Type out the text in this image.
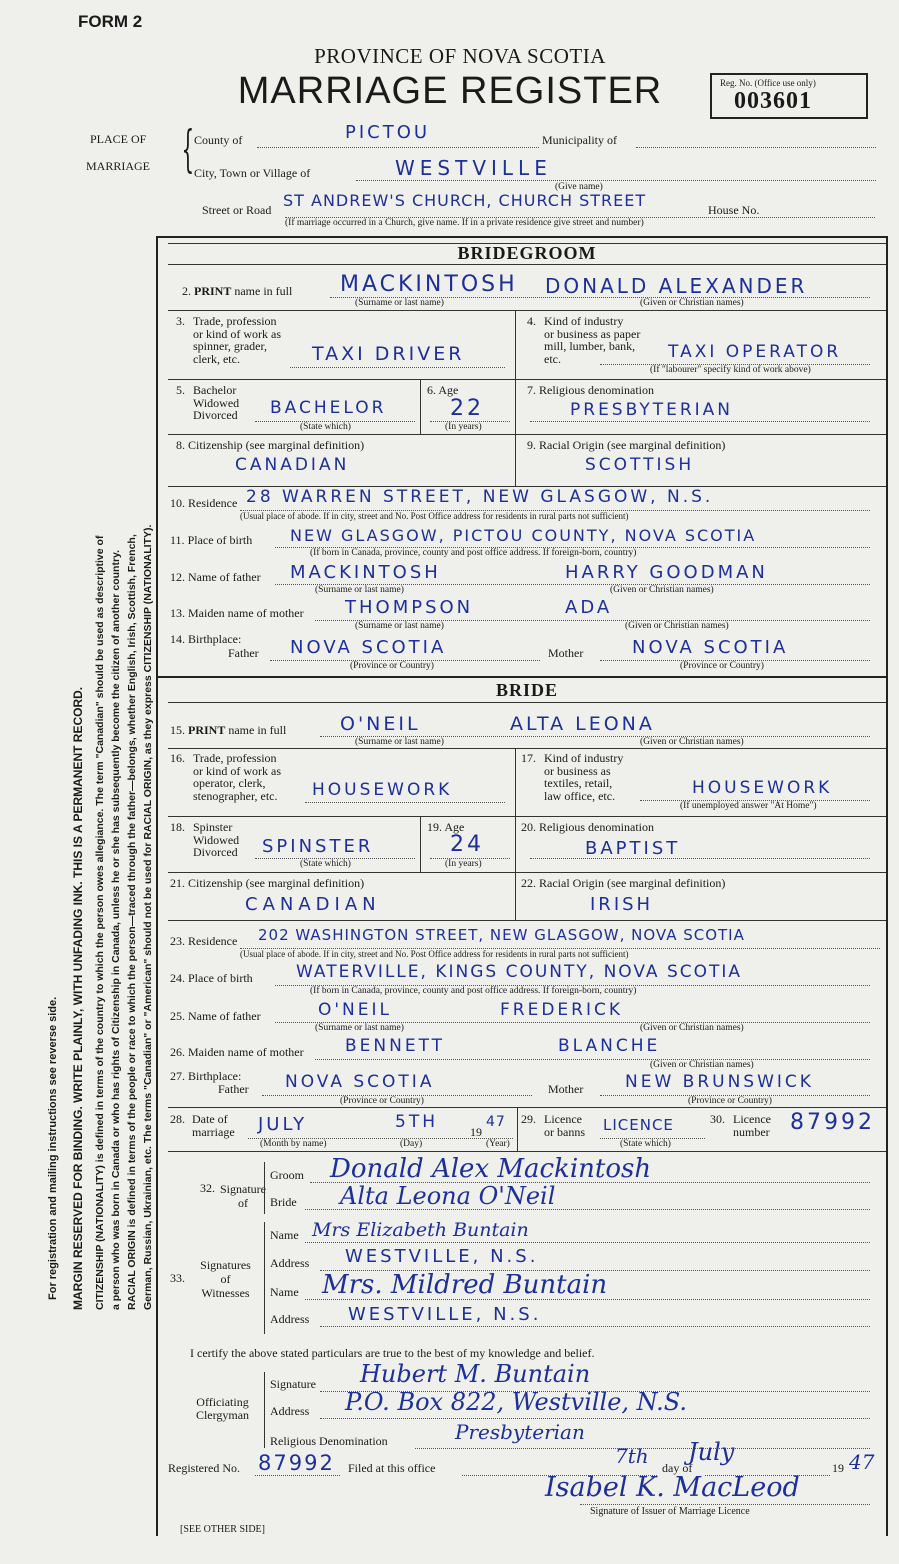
FORM 2
PROVINCE OF NOVA SCOTIA
MARRIAGE REGISTER	Reg. No. (Office use only)
003601
PLACE OF
MARRIAGE { County of	PICTOU	Municipality of
City, Town or Village of	WESTVILLE
(Give name)
Street or Road ST ANDREW'S CHURCH, CHURCH STREET	House No.
(If marriage occurred in a Church, give name. If in a private residence give street and number)
For registration and mailing instructions see reverse side.	MARGIN RESERVED FOR BINDING. WRITE PLAINLY, WITH UNFADING INK. THIS IS A PERMANENT RECORD. CITIZENSHIP (NATIONALITY) is defined in terms of the country to which the person owes allegiance. The term "Canadian" should be used as descriptive of a person who was born in Canada or who has rights of Citizenship in Canada, unless he or she has subsequently become the citizen of another country. RACIAL ORIGIN is defined in terms of the people or race to which the person—traced through the father—belongs, whether English, Irish, Scottish, French, German, Russian, Ukrainian, etc. The terms "Canadian" or "American" should not be used for RACIAL ORIGIN, as they express CITIZENSHIP (NATIONALITY).
BRIDEGROOM
2. PRINT name in full MACKINTOSH DONALD ALEXANDER
(Surname or last name)	(Given or Christian names)
3. Trade, profession
or kind of work as
spinner, grader,
clerk, etc.	TAXI DRIVER
4. Kind of industry
or business as paper
mill, lumber, bank,
etc.	TAXI OPERATOR
(If "labourer" specify kind of work above)
5. Bachelor
Widowed
Divorced BACHELOR
(State which)
6. Age
22
(In years)
7. Religious denomination
PRESBYTERIAN
8. Citizenship (see marginal definition)
CANADIAN
9. Racial Origin (see marginal definition)
SCOTTISH
10. Residence 28 WARREN STREET, NEW GLASGOW, N.S.
(Usual place of abode. If in city, street and No. Post Office address for residents in rural parts not sufficient)
11. Place of birth NEW GLASGOW, PICTOU COUNTY, NOVA SCOTIA
(If born in Canada, province, county and post office address. If foreign-born, country)
12. Name of father MACKINTOSH	HARRY GOODMAN
(Surname or last name)	(Given or Christian names)
13. Maiden name of mother THOMPSON	ADA
(Surname or last name)	(Given or Christian names)
14. Birthplace:
Father NOVA SCOTIA
(Province or Country)
Mother	NOVA SCOTIA
(Province or Country)
BRIDE
15. PRINT name in full	O'NEIL	ALTA LEONA
(Surname or last name)	(Given or Christian names)
16. Trade, profession
or kind of work as
operator, clerk,
stenographer, etc. HOUSEWORK
17. Kind of industry
or business as
textiles, retail,
law office, etc.	HOUSEWORK
(If unemployed answer "At Home")
18. Spinster
Widowed
Divorced SPINSTER
(State which)
19. Age
24
(In years)
20. Religious denomination
BAPTIST
21. Citizenship (see marginal definition)
CANADIAN
22. Racial Origin (see marginal definition)
IRISH
23. Residence 202 WASHINGTON STREET, NEW GLASGOW, NOVA SCOTIA
(Usual place of abode. If in city, street and No. Post Office address for residents in rural parts not sufficient)
24. Place of birth	WATERVILLE, KINGS COUNTY, NOVA SCOTIA
(If born in Canada, province, county and post office address. If foreign-born, country)
25. Name of father	O'NEIL	FREDERICK
(Surname or last name)	(Given or Christian names)
26. Maiden name of mother BENNETT	BLANCHE
(Given or Christian names)
27. Birthplace:
Father NOVA SCOTIA
(Province or Country)
Mother NEW BRUNSWICK
(Province or Country)
28. Date of
marriage JULY	5TH	19
47
(Month by name)	(Day)	(Year)
29. Licence
or banns LICENCE
(State which)
30. Licence
number 87992
32. Signature
of
Groom Donald Alex Mackintosh
Bride Alta Leona O'Neil
33.
Signatures
of
Witnesses
Name Mrs Elizabeth Buntain
Address WESTVILLE, N.S.
Name Mrs. Mildred Buntain
Address WESTVILLE, N.S.
I certify the above stated particulars are true to the best of my knowledge and belief.
Officiating
Clergyman
Signature Hubert M. Buntain
Address P.O. Box 822, Westville, N.S.
Religious Denomination	Presbyterian
Registered No. 87992 Filed at this office	7th day of
July
19 47
Isabel K. MacLeod
Signature of Issuer of Marriage Licence
[SEE OTHER SIDE]
